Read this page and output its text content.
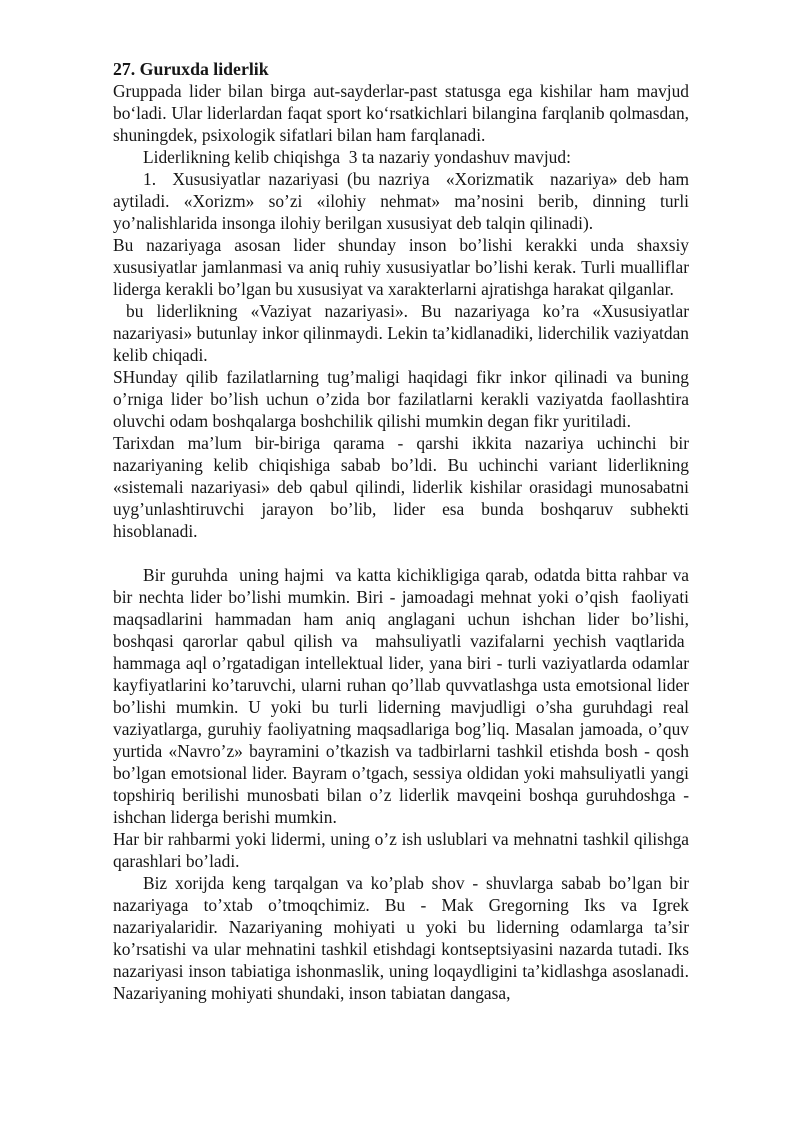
27. Guruxda liderlik

Gruppada lider bilan birga aut-sayderlar-past statusga ega kishilar ham mavjud boʻladi. Ular liderlardan faqat sport koʻrsatkichlari bilangina farqlanib qolmasdan, shuningdek, psixologik sifatlari bilan ham farqlanadi.

Liderlikning kelib chiqishga  3 ta nazariy yondashuv mavjud:

1.  Xususiyatlar nazariyasi (bu nazriya  «Xorizmatik  nazariya» deb ham aytiladi. «Xorizm» so’zi «ilohiy nehmat» ma’nosini berib, dinning turli yo’nalishlarida insonga ilohiy berilgan xususiyat deb talqin qilinadi).

Bu nazariyaga asosan lider shunday inson bo’lishi kerakki unda shaxsiy xususiyatlar jamlanmasi va aniq ruhiy xususiyatlar bo’lishi kerak. Turli mualliflar liderga kerakli bo’lgan bu xususiyat va xarakterlarni ajratishga harakat qilganlar.

bu liderlikning «Vaziyat nazariyasi». Bu nazariyaga ko’ra «Xususiyatlar nazariyasi» butunlay inkor qilinmaydi. Lekin ta’kidlanadiki, liderchilik vaziyatdan kelib chiqadi.

SHunday qilib fazilatlarning tug’maligi haqidagi fikr inkor qilinadi va buning o’rniga lider bo’lish uchun o’zida bor fazilatlarni kerakli vaziyatda faollashtira oluvchi odam boshqalarga boshchilik qilishi mumkin degan fikr yuritiladi.

Tarixdan ma’lum bir-biriga qarama - qarshi ikkita nazariya uchinchi bir nazariyaning kelib chiqishiga sabab bo’ldi. Bu uchinchi variant liderlikning «sistemali nazariyasi» deb qabul qilindi, liderlik kishilar orasidagi munosabatni uyg’unlashtiruvchi jarayon bo’lib, lider esa bunda boshqaruv subhekti hisoblanadi.

Bir guruhda  uning hajmi  va katta kichikligiga qarab, odatda bitta rahbar va bir nechta lider bo’lishi mumkin. Biri - jamoadagi mehnat yoki o’qish  faoliyati maqsadlarini hammadan ham aniq anglagani uchun ishchan lider bo’lishi, boshqasi qarorlar qabul qilish va  mahsuliyatli vazifalarni yechish vaqtlarida  hammaga aql o’rgatadigan intellektual lider, yana biri - turli vaziyatlarda odamlar kayfiyatlarini ko’taruvchi, ularni ruhan qo’llab quvvatlashga usta emotsional lider bo’lishi mumkin. U yoki bu turli liderning mavjudligi o’sha guruhdagi real vaziyatlarga, guruhiy faoliyatning maqsadlariga bog’liq. Masalan jamoada, o’quv yurtida «Navro’z» bayramini o’tkazish va tadbirlarni tashkil etishda bosh - qosh bo’lgan emotsional lider. Bayram o’tgach, sessiya oldidan yoki mahsuliyatli yangi topshiriq berilishi munosbati bilan o’z liderlik mavqeini boshqa guruhdoshga - ishchan liderga berishi mumkin.

Har bir rahbarmi yoki lidermi, uning o’z ish uslublari va mehnatni tashkil qilishga qarashlari bo’ladi.

Biz xorijda keng tarqalgan va ko’plab shov - shuvlarga sabab bo’lgan bir nazariyaga to’xtab o’tmoqchimiz. Bu - Mak Gregorning Iks va Igrek nazariyalaridir. Nazariyaning mohiyati u yoki bu liderning odamlarga ta’sir ko’rsatishi va ular mehnatini tashkil etishdagi kontseptsiyasini nazarda tutadi. Iks nazariyasi inson tabiatiga ishonmaslik, uning loqaydligini ta’kidlashga asoslanadi. Nazariyaning mohiyati shundaki, inson tabiatan dangasa,
